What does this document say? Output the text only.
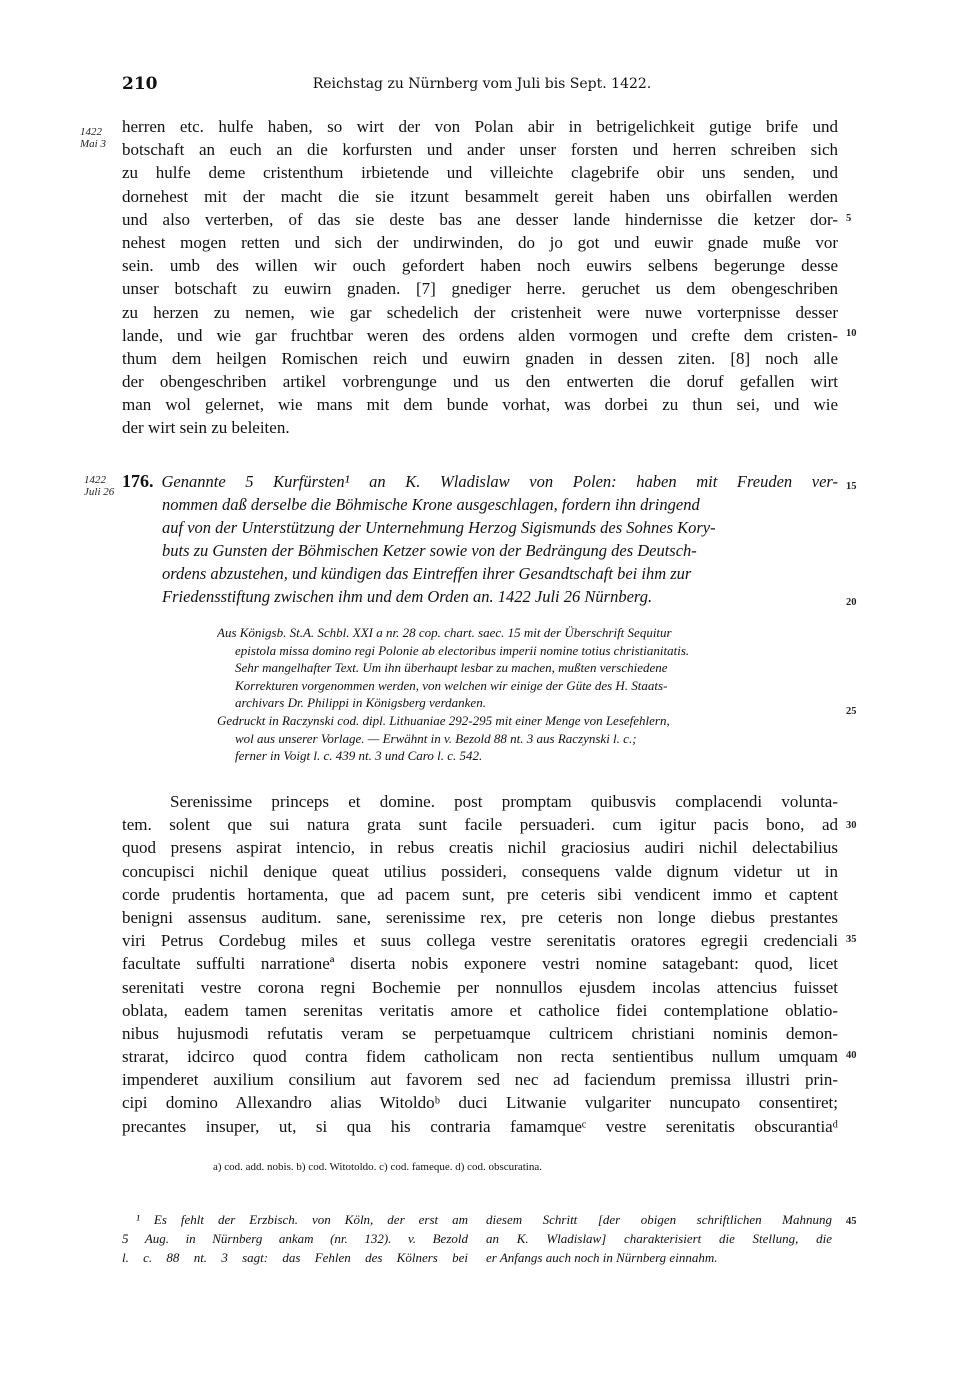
210	Reichstag zu Nürnberg vom Juli bis Sept. 1422.
1422
Mai 3
1422
Juli 26
5
10
15
20
25
30
35
40
45
herren etc. hulfe haben, so wirt der von Polan abir in betrigelichkeit gutige brife und
botschaft an euch an die korfursten und ander unser forsten und herren schreiben sich
zu hulfe deme cristenthum irbietende und villeichte clagebrife obir uns senden, und
dornehest mit der macht die sie itzunt besammelt gereit haben uns obirfallen werden
und also verterben, of das sie deste bas ane desser lande hindernisse die ketzer dor-
nehest mogen retten und sich der undirwinden, do jo got und euwir gnade muße vor
sein. umb des willen wir ouch gefordert haben noch euwirs selbens begerunge desse
unser botschaft zu euwirn gnaden. [7] gnediger herre. geruchet us dem obengeschriben
zu herzen zu nemen, wie gar schedelich der cristenheit were nuwe vorterpnisse desser
lande, und wie gar fruchtbar weren des ordens alden vormogen und crefte dem cristen-
thum dem heilgen Romischen reich und euwirn gnaden in dessen ziten. [8] noch alle
der obengeschriben artikel vorbrengunge und us den entwerten die doruf gefallen wirt
man wol gelernet, wie mans mit dem bunde vorhat, was dorbei zu thun sei, und wie
der wirt sein zu beleiten.
176. Genannte 5 Kurfürsten¹ an K. Wladislaw von Polen: haben mit Freuden ver-
nommen daß derselbe die Böhmische Krone ausgeschlagen, fordern ihn dringend
auf von der Unterstützung der Unternehmung Herzog Sigismunds des Sohnes Kory-
buts zu Gunsten der Böhmischen Ketzer sowie von der Bedrängung des Deutsch-
ordens abzustehen, und kündigen das Eintreffen ihrer Gesandtschaft bei ihm zur
Friedensstiftung zwischen ihm und dem Orden an. 1422 Juli 26 Nürnberg.
Aus Königsb. St.A. Schbl. XXI a nr. 28 cop. chart. saec. 15 mit der Überschrift Sequitur
epistola missa domino regi Polonie ab electoribus imperii nomine totius christianitatis.
Sehr mangelhafter Text. Um ihn überhaupt lesbar zu machen, mußten verschiedene
Korrekturen vorgenommen werden, von welchen wir einige der Güte des H. Staats-
archivars Dr. Philippi in Königsberg verdanken.
Gedruckt in Raczynski cod. dipl. Lithuaniae 292-295 mit einer Menge von Lesefehlern,
wol aus unserer Vorlage. — Erwähnt in v. Bezold 88 nt. 3 aus Raczynski l. c.;
ferner in Voigt l. c. 439 nt. 3 und Caro l. c. 542.
Serenissime princeps et domine. post promptam quibusvis complacendi volunta-
tem. solent que sui natura grata sunt facile persuaderi. cum igitur pacis bono, ad
quod presens aspirat intencio, in rebus creatis nichil graciosius audiri nichil delectabilius
concupisci nichil denique queat utilius possideri, consequens valde dignum videtur ut in
corde prudentis hortamenta, que ad pacem sunt, pre ceteris sibi vendicent immo et captent
benigni assensus auditum. sane, serenissime rex, pre ceteris non longe diebus prestantes
viri Petrus Cordebug miles et suus collega vestre serenitatis oratores egregii credenciali
facultate suffulti narrationeª diserta nobis exponere vestri nomine satagebant: quod, licet
serenitati vestre corona regni Bochemie per nonnullos ejusdem incolas attencius fuisset
oblata, eadem tamen serenitas veritatis amore et catholice fidei contemplatione oblatio-
nibus hujusmodi refutatis veram se perpetuamque cultricem christiani nominis demon-
strarat, idcirco quod contra fidem catholicam non recta sentientibus nullum umquam
impenderet auxilium consilium aut favorem sed nec ad faciendum premissa illustri prin-
cipi domino Allexandro alias Witoldoᵇ duci Litwanie vulgariter nuncupato consentiret;
precantes insuper, ut, si qua his contraria famamqueᶜ vestre serenitatis obscurantiaᵈ
a) cod. add. nobis. b) cod. Witotoldo. c) cod. fameque. d) cod. obscuratina.
¹ Es fehlt der Erzbisch. von Köln, der erst am
5 Aug. in Nürnberg ankam (nr. 132). v. Bezold
l. c. 88 nt. 3 sagt: das Fehlen des Kölners bei
diesem Schritt [der obigen schriftlichen Mahnung
an K. Wladislaw] charakterisiert die Stellung, die
er Anfangs auch noch in Nürnberg einnahm.
